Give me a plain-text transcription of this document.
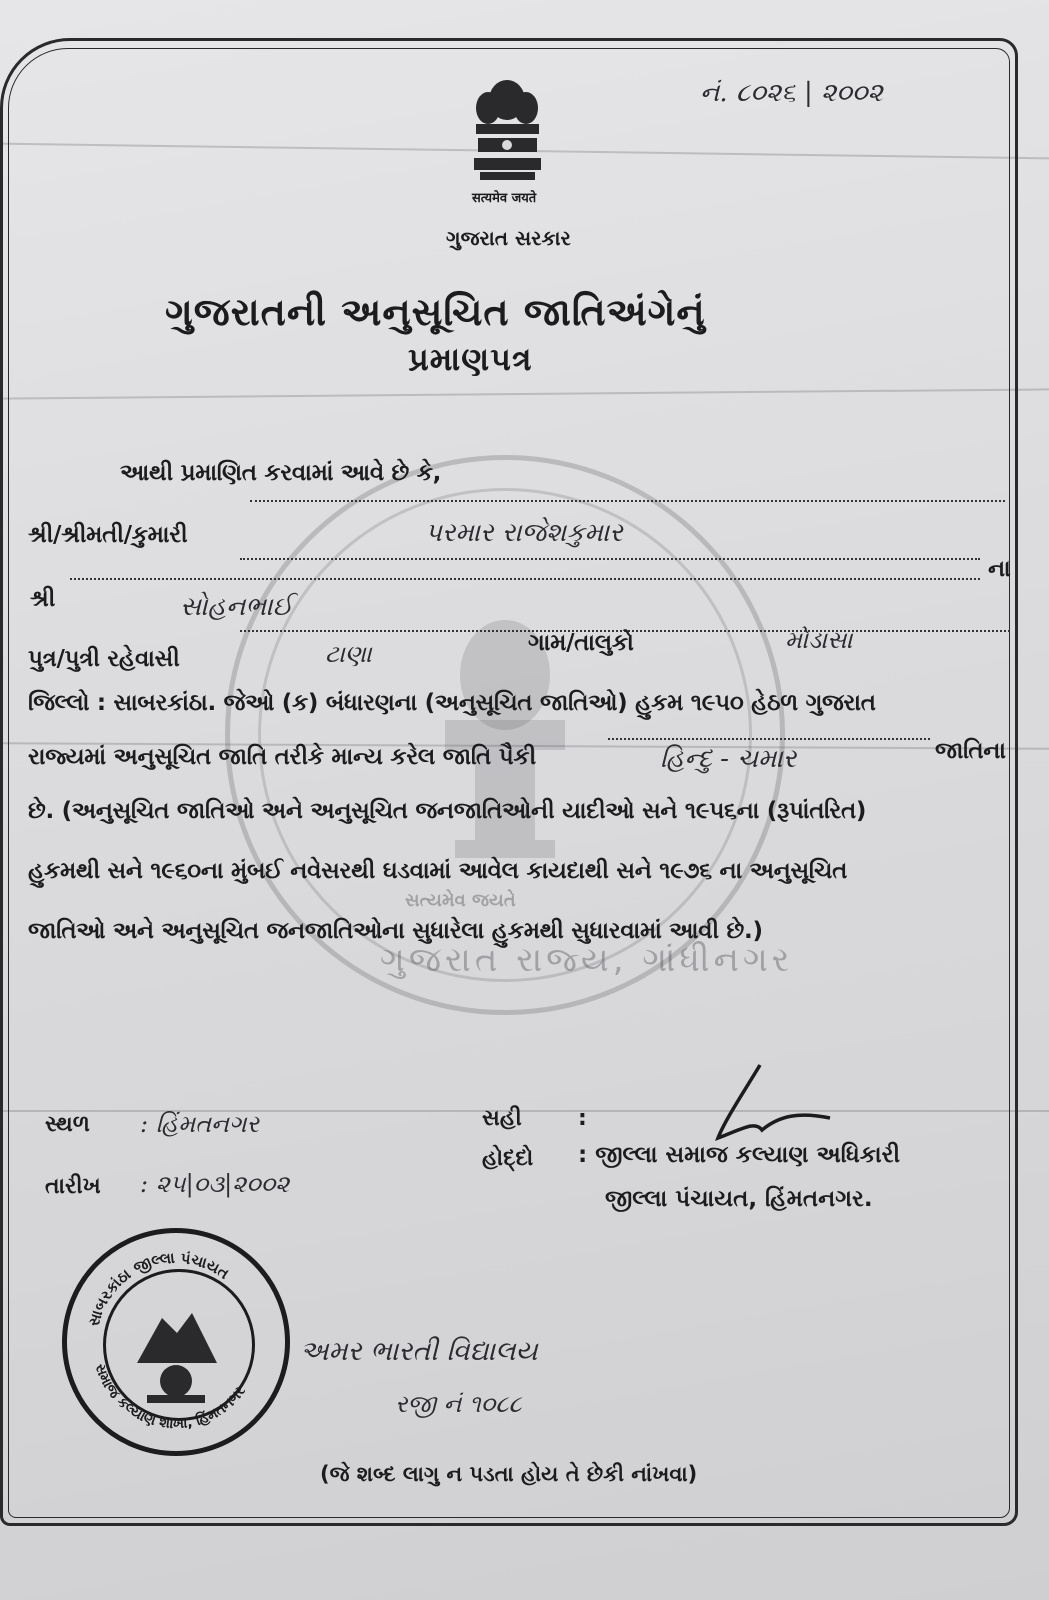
સત્યમેવ જયતે
ગુજરાત રાજ્ય, ગાંધીનગર
નં. ૮૦૨૬ | ૨૦૦૨
सत्यमेव जयते
ગુજરાત સરકાર
ગુજરાતની અનુસૂચિત જાતિઅંગેનું
પ્રમાણપત્ર
આથી પ્રમાણિત કરવામાં આવે છે કે,
શ્રી/શ્રીમતી/કુમારી	પરમાર રાજેશકુમાર
શ્રી	સોહનભાઈ
ના
પુત્ર/પુત્રી રહેવાસી	ટાણા	ગામ/તાલુકો	મોડાસા
જિલ્લો : સાબરકાંઠા. જેઓ (ક) બંધારણના (અનુસૂચિત જાતિઓ) હુકમ ૧૯૫૦ હેઠળ ગુજરાત
રાજ્યમાં અનુસૂચિત જાતિ તરીકે માન્ય કરેલ જાતિ પૈકી	હિન્દુ - ચમાર	જાતિના
છે. (અનુસૂચિત જાતિઓ અને અનુસૂચિત જનજાતિઓની યાદીઓ સને ૧૯૫૬ના (રૂપાંતરિત)
હુકમથી સને ૧૯૬૦ના મુંબઈ નવેસરથી ઘડવામાં આવેલ કાયદાથી સને ૧૯૭૬ ના અનુસૂચિત
જાતિઓ અને અનુસૂચિત જનજાતિઓના સુધારેલા હુકમથી સુધારવામાં આવી છે.)
સ્થળ : હિંમતનગર
તારીખ : ૨૫|૦૩|૨૦૦૨
સહી	:
હોદ્દો : જીલ્લા સમાજ કલ્યાણ અધિકારી
જીલ્લા પંચાયત, હિંમતનગર.
સાબરકાંઠા જીલ્લા પંચાયત
સમાજ કલ્યાણ શાખા, હિંમતનગર
અમર ભારતી વિદ્યાલય
રજી નં ૧૦૮૮
(જે શબ્દ લાગુ ન પડતા હોય તે છેકી નાંખવા)
